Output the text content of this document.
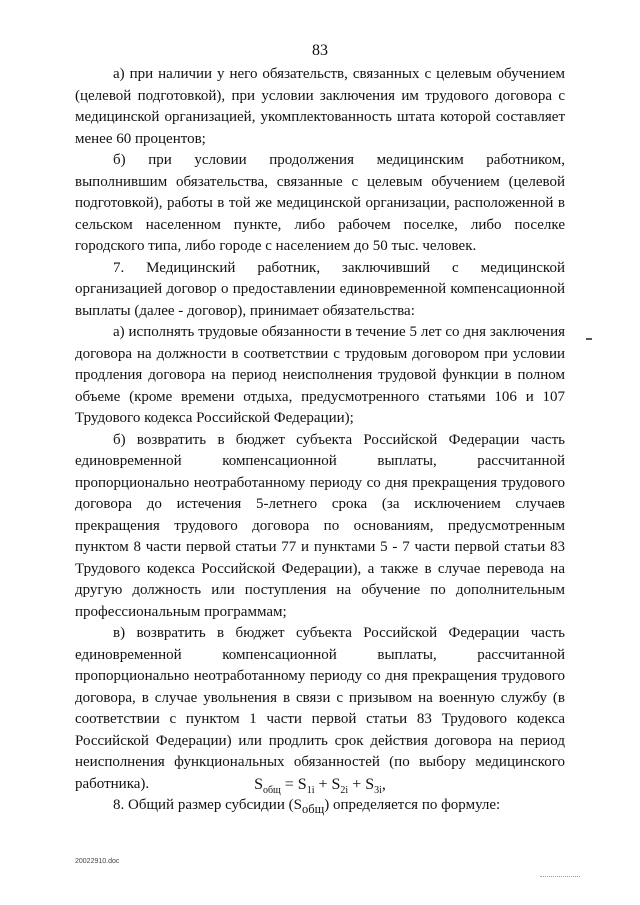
83

а) при наличии у него обязательств, связанных с целевым обучением (целевой подготовкой), при условии заключения им трудового договора с медицинской организацией, укомплектованность штата которой составляет менее 60 процентов;

б) при условии продолжения медицинским работником, выполнившим обязательства, связанные с целевым обучением (целевой подготовкой), работы в той же медицинской организации, расположенной в сельском населенном пункте, либо рабочем поселке, либо поселке городского типа, либо городе с населением до 50 тыс. человек.

7. Медицинский работник, заключивший с медицинской организацией договор о предоставлении единовременной компенсационной выплаты (далее - договор), принимает обязательства:

а) исполнять трудовые обязанности в течение 5 лет со дня заключения договора на должности в соответствии с трудовым договором при условии продления договора на период неисполнения трудовой функции в полном объеме (кроме времени отдыха, предусмотренного статьями 106 и 107 Трудового кодекса Российской Федерации);

б) возвратить в бюджет субъекта Российской Федерации часть единовременной компенсационной выплаты, рассчитанной пропорционально неотработанному периоду со дня прекращения трудового договора до истечения 5-летнего срока (за исключением случаев прекращения трудового договора по основаниям, предусмотренным пунктом 8 части первой статьи 77 и пунктами 5 - 7 части первой статьи 83 Трудового кодекса Российской Федерации), а также в случае перевода на другую должность или поступления на обучение по дополнительным профессиональным программам;

в) возвратить в бюджет субъекта Российской Федерации часть единовременной компенсационной выплаты, рассчитанной пропорционально неотработанному периоду со дня прекращения трудового договора, в случае увольнения в связи с призывом на военную службу (в соответствии с пунктом 1 части первой статьи 83 Трудового кодекса Российской Федерации) или продлить срок действия договора на период неисполнения функциональных обязанностей (по выбору медицинского работника).

8. Общий размер субсидии $(S_{общ})$ определяется по формуле:

$S_{общ} = S_{1i} + S_{2i} + S_{3i}$,
20022910.doc
